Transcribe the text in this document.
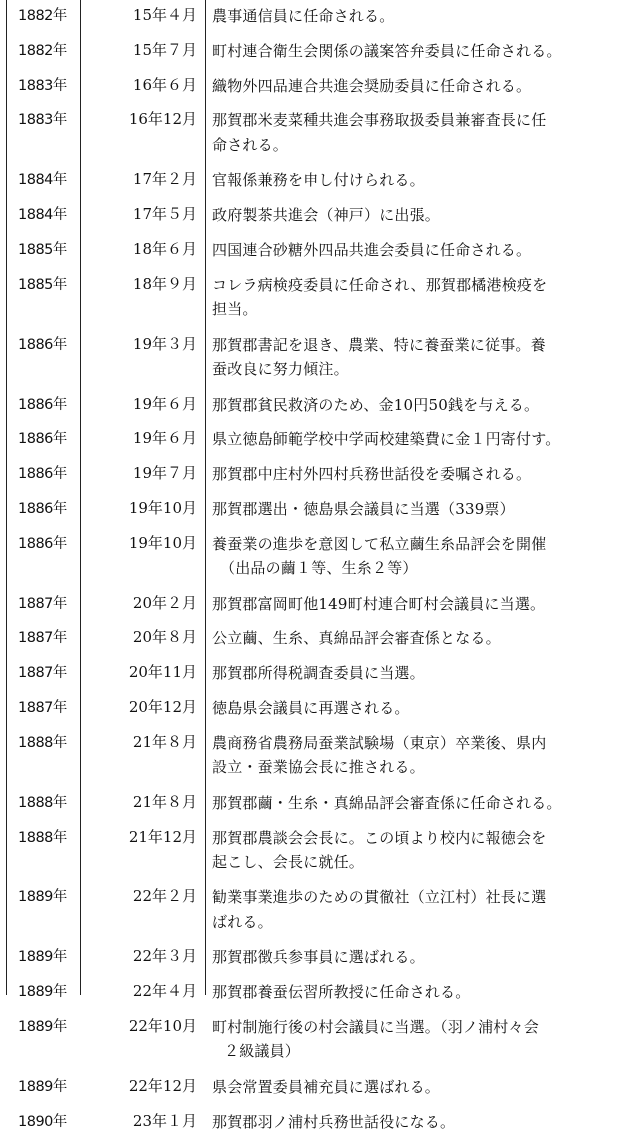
1882年	15年４月 農事通信員に任命される。
1882年	15年７月 町村連合衛生会関係の議案答弁委員に任命される。
1883年	16年６月 織物外四品連合共進会奨励委員に任命される。
1883年	16年12月 那賀郡米麦菜種共進会事務取扱委員兼審査長に任
命される。
1884年	17年２月 官報係兼務を申し付けられる。
1884年	17年５月 政府製茶共進会（神戸）に出張。
1885年	18年６月 四国連合砂糖外四品共進会委員に任命される。
1885年	18年９月 コレラ病検疫委員に任命され、那賀郡橘港検疫を
担当。
1886年	19年３月 那賀郡書記を退き、農業、特に養蚕業に従事。養
蚕改良に努力傾注。
1886年	19年６月 那賀郡貧民救済のため、金10円50銭を与える。
1886年	19年６月 県立徳島師範学校中学両校建築費に金１円寄付す。
1886年	19年７月 那賀郡中庄村外四村兵務世話役を委嘱される。
1886年	19年10月 那賀郡選出・徳島県会議員に当選（339票）
1886年	19年10月 養蚕業の進歩を意図して私立繭生糸品評会を開催
（出品の繭１等、生糸２等）
1887年	20年２月 那賀郡富岡町他149町村連合町村会議員に当選。
1887年	20年８月 公立繭、生糸、真綿品評会審査係となる。
1887年	20年11月 那賀郡所得税調査委員に当選。
1887年	20年12月 徳島県会議員に再選される。
1888年	21年８月 農商務省農務局蚕業試験場（東京）卒業後、県内
設立・蚕業協会長に推される。
1888年	21年８月 那賀郡繭・生糸・真綿品評会審査係に任命される。
1888年	21年12月 那賀郡農談会会長に。この頃より校内に報徳会を
起こし、会長に就任。
1889年	22年２月 勧業事業進歩のための貫徹社（立江村）社長に選
ばれる。
1889年	22年３月 那賀郡徴兵参事員に選ばれる。
1889年	22年４月 那賀郡養蚕伝習所教授に任命される。
1889年	22年10月 町村制施行後の村会議員に当選。（羽ノ浦村々会
２級議員）
1889年	22年12月 県会常置委員補充員に選ばれる。
1890年	23年１月 那賀郡羽ノ浦村兵務世話役になる。
